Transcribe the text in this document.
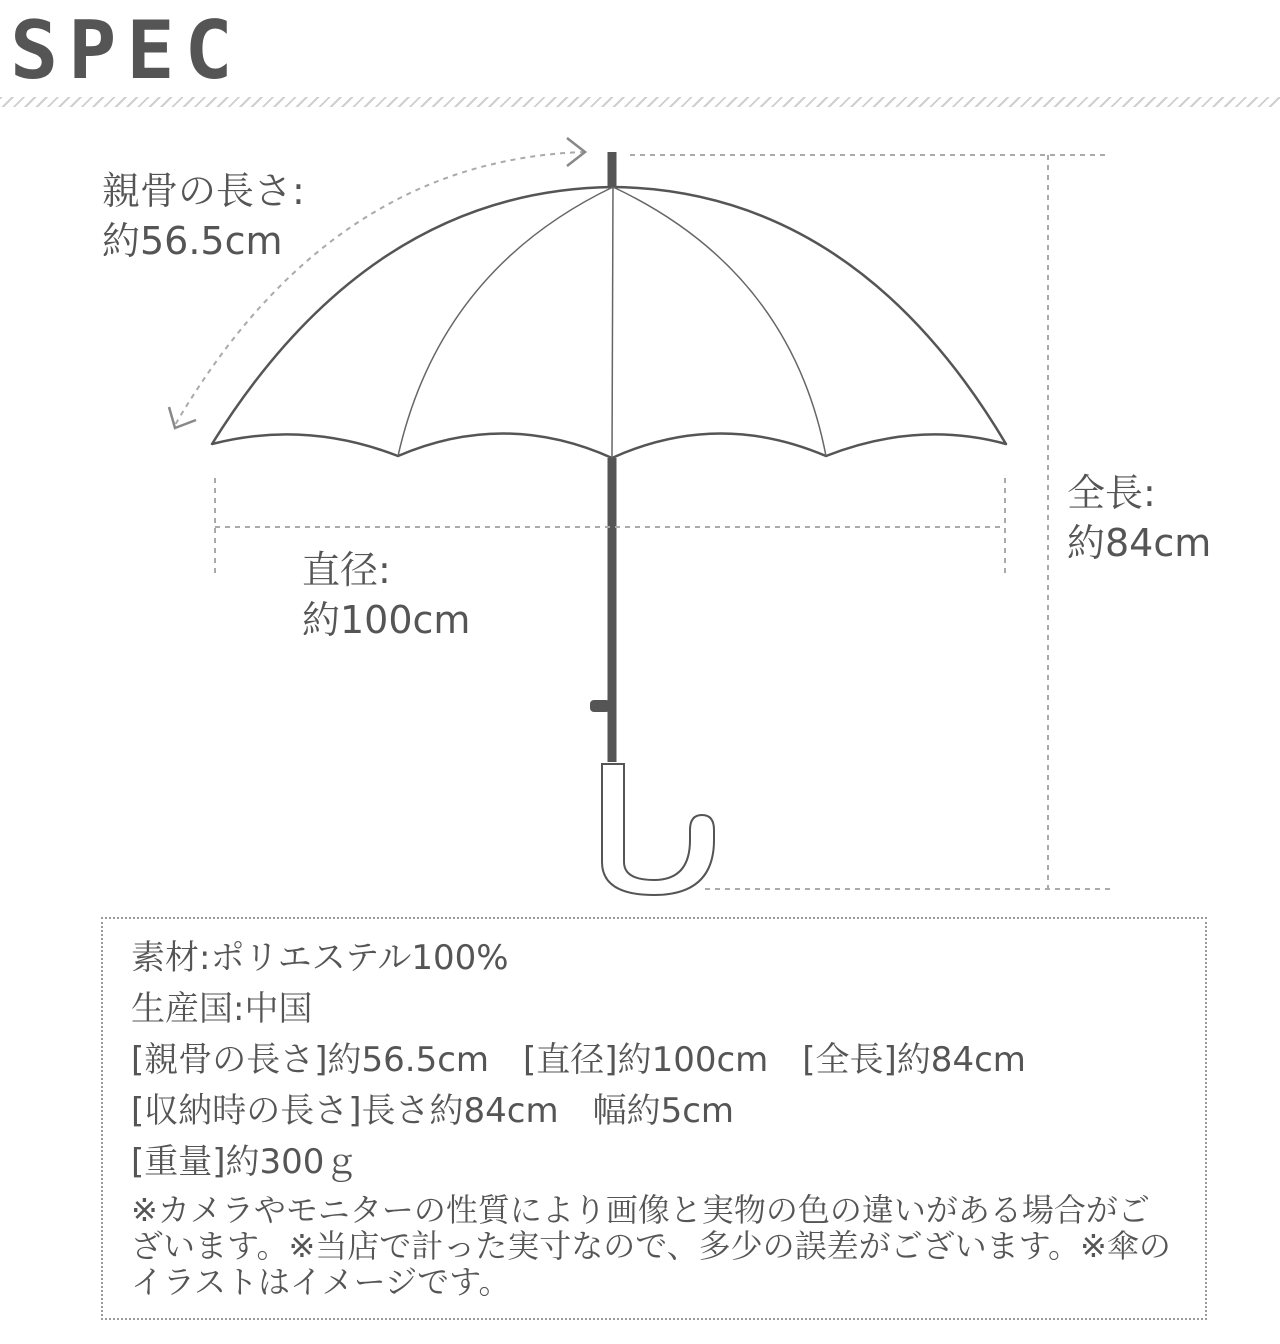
SPEC
親骨の長さ:
約56.5cm
直径:
約100cm
全長:
約84cm
素材:ポリエステル100%
生産国:中国
[親骨の長さ]約56.5cm　[直径]約100cm　[全長]約84cm
[収納時の長さ]長さ約84cm　幅約5cm
[重量]約300ｇ
※カメラやモニターの性質により画像と実物の色の違いがある場合がございます。※当店で計った実寸なので、多少の誤差がございます。※傘のイラストはイメージです。
